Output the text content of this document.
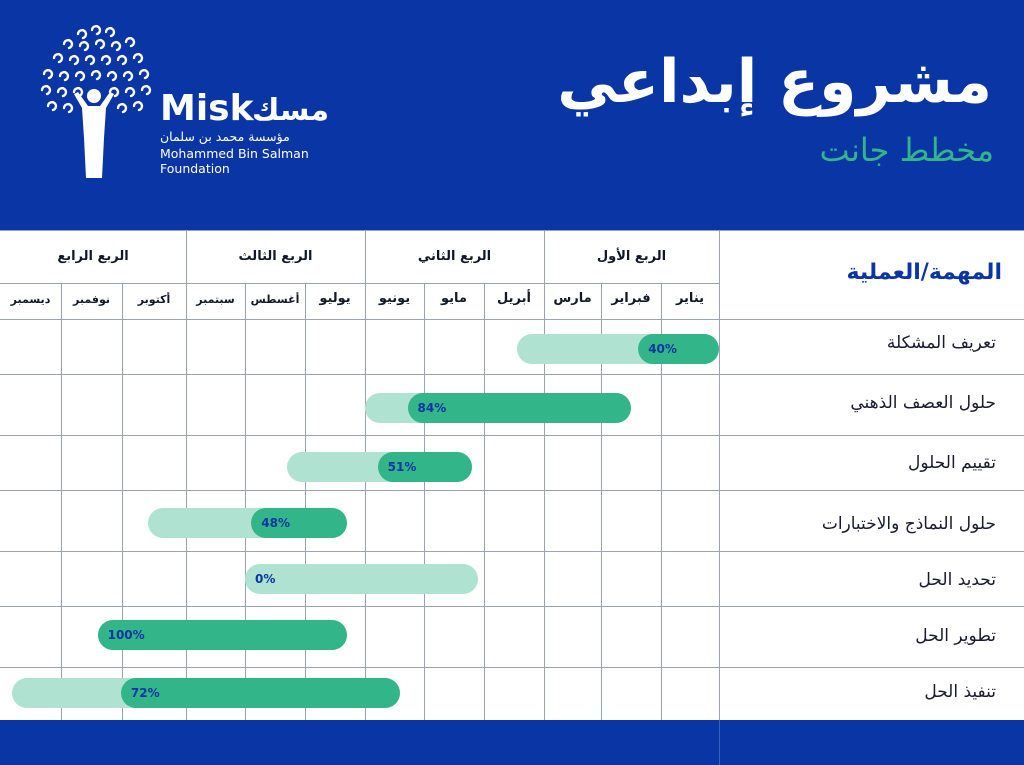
Misk
مسك
مؤسسة محمد بن سلمان
Mohammed Bin Salman
Foundation
مشروع إبداعي
مخطط جانت
المهمة/العملية
الربع الأول
الربع الثاني
الربع الثالث
الربع الرابع
يناير
فبراير
مارس
أبريل
مايو
يونيو
يوليو
أغسطس
سبتمبر
أكتوبر
نوفمبر
ديسمبر
تعريف المشكلة
40%
حلول العصف الذهني
84%
تقييم الحلول
51%
حلول النماذج والاختبارات
48%
تحديد الحل
0%
تطوير الحل
100%
تنفيذ الحل
72%
